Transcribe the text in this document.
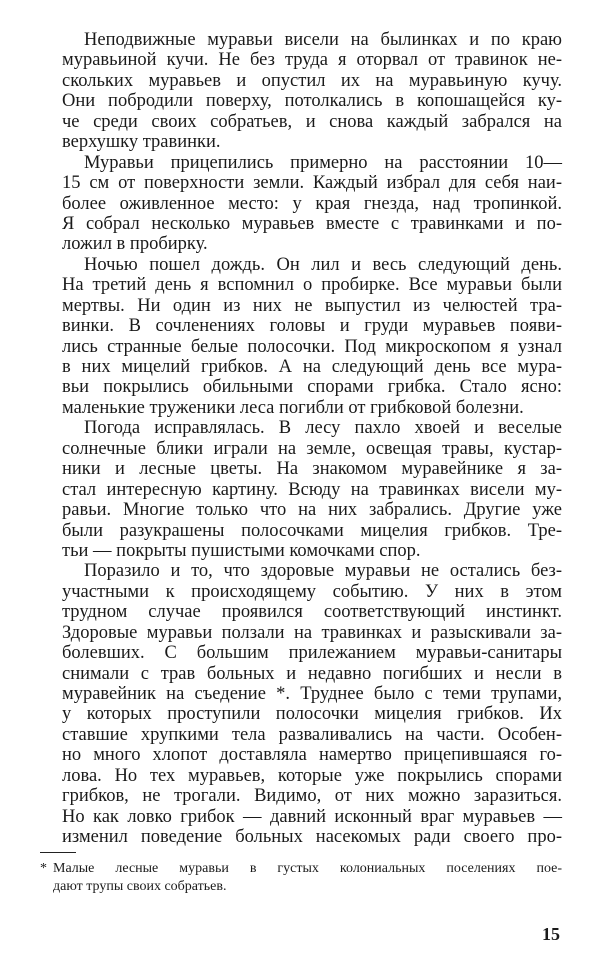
Неподвижные муравьи висели на былинках и по краю
муравьиной кучи. Не без труда я оторвал от травинок не-
скольких муравьев и опустил их на муравьиную кучу.
Они побродили поверху, потолкались в копошащейся ку-
че среди своих собратьев, и снова каждый забрался на
верхушку травинки.
Муравьи прицепились примерно на расстоянии 10—
15 см от поверхности земли. Каждый избрал для себя наи-
более оживленное место: у края гнезда, над тропинкой.
Я собрал несколько муравьев вместе с травинками и по-
ложил в пробирку.
Ночью пошел дождь. Он лил и весь следующий день.
На третий день я вспомнил о пробирке. Все муравьи были
мертвы. Ни один из них не выпустил из челюстей тра-
винки. В сочленениях головы и груди муравьев появи-
лись странные белые полосочки. Под микроскопом я узнал
в них мицелий грибков. А на следующий день все мура-
вьи покрылись обильными спорами грибка. Стало ясно:
маленькие труженики леса погибли от грибковой болезни.
Погода исправлялась. В лесу пахло хвоей и веселые
солнечные блики играли на земле, освещая травы, кустар-
ники и лесные цветы. На знакомом муравейнике я за-
стал интересную картину. Всюду на травинках висели му-
равьи. Многие только что на них забрались. Другие уже
были разукрашены полосочками мицелия грибков. Тре-
тьи — покрыты пушистыми комочками спор.
Поразило и то, что здоровые муравьи не остались без-
участными к происходящему событию. У них в этом
трудном случае проявился соответствующий инстинкт.
Здоровые муравьи ползали на травинках и разыскивали за-
болевших. С большим прилежанием муравьи-санитары
снимали с трав больных и недавно погибших и несли в
муравейник на съедение *. Труднее было с теми трупами,
у которых проступили полосочки мицелия грибков. Их
ставшие хрупкими тела разваливались на части. Особен-
но много хлопот доставляла намертво прицепившаяся го-
лова. Но тех муравьев, которые уже покрылись спорами
грибков, не трогали. Видимо, от них можно заразиться.
Но как ловко грибок — давний исконный враг муравьев —
изменил поведение больных насекомых ради своего про-
* Малые лесные муравьи в густых колониальных поселениях пое-
дают трупы своих собратьев.
15
